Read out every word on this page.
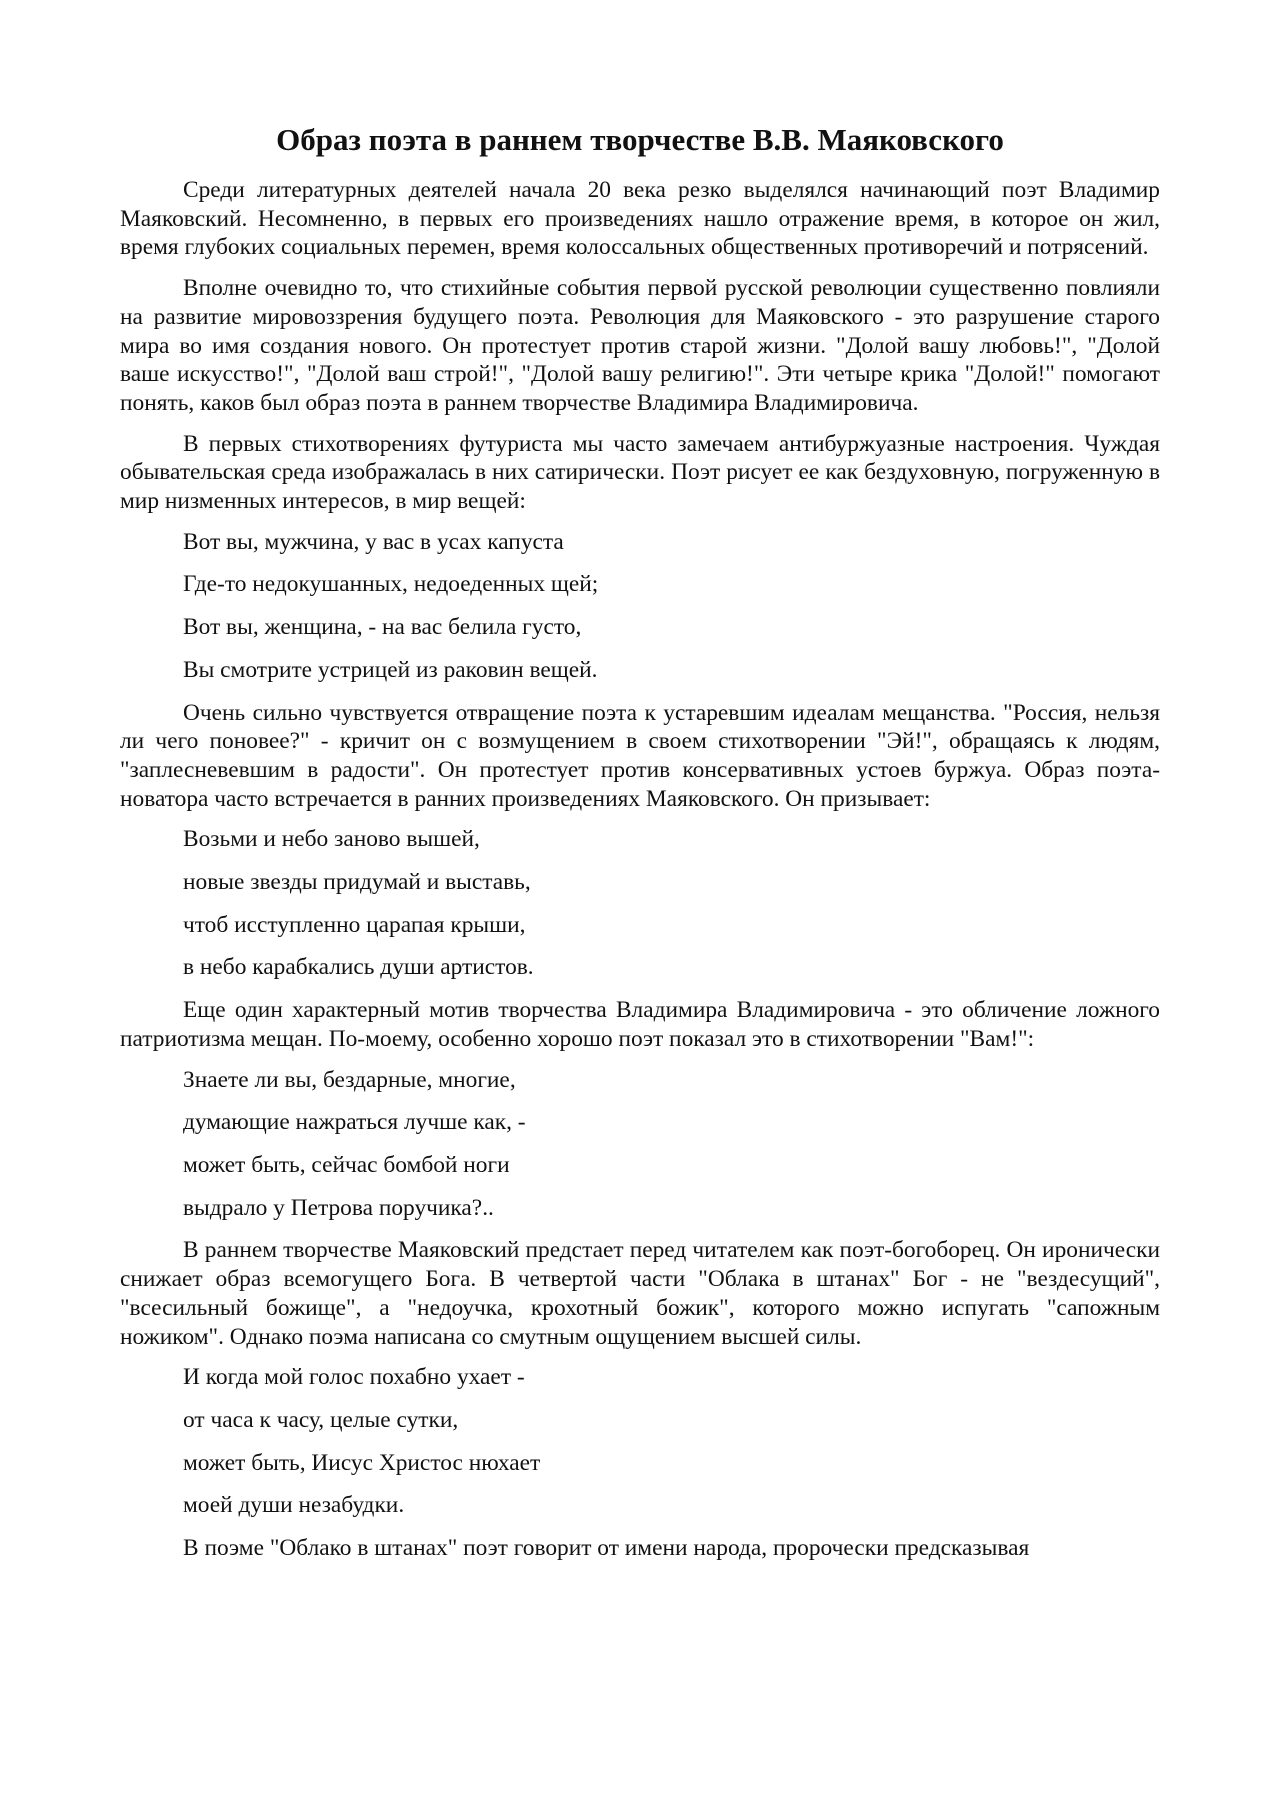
Образ поэта в раннем творчестве В.В. Маяковского

Среди литературных деятелей начала 20 века резко выделялся начинающий поэт Владимир Маяковский. Несомненно, в первых его произведениях нашло отражение время, в которое он жил, время глубоких социальных перемен, время колоссальных общественных противоречий и потрясений.

Вполне очевидно то, что стихийные события первой русской революции существенно повлияли на развитие мировоззрения будущего поэта. Революция для Маяковского - это разрушение старого мира во имя создания нового. Он протестует против старой жизни. "Долой вашу любовь!", "Долой ваше искусство!", "Долой ваш строй!", "Долой вашу религию!". Эти четыре крика "Долой!" помогают понять, каков был образ поэта в раннем творчестве Владимира Владимировича.

В первых стихотворениях футуриста мы часто замечаем антибуржуазные настроения. Чуждая обывательская среда изображалась в них сатирически. Поэт рисует ее как бездуховную, погруженную в мир низменных интересов, в мир вещей:

Вот вы, мужчина, у вас в усах капуста

Где-то недокушанных, недоеденных щей;

Вот вы, женщина, - на вас белила густо,

Вы смотрите устрицей из раковин вещей.

Очень сильно чувствуется отвращение поэта к устаревшим идеалам мещанства. "Россия, нельзя ли чего поновее?" - кричит он с возмущением в своем стихотворении "Эй!", обращаясь к людям, "заплесневевшим в радости". Он протестует против консервативных устоев буржуа. Образ поэта-новатора часто встречается в ранних произведениях Маяковского. Он призывает:

Возьми и небо заново вышей,

новые звезды придумай и выставь,

чтоб исступленно царапая крыши,

в небо карабкались души артистов.

Еще один характерный мотив творчества Владимира Владимировича - это обличение ложного патриотизма мещан. По-моему, особенно хорошо поэт показал это в стихотворении "Вам!":

Знаете ли вы, бездарные, многие,

думающие нажраться лучше как, -

может быть, сейчас бомбой ноги

выдрало у Петрова поручика?..

В раннем творчестве Маяковский предстает перед читателем как поэт-богоборец. Он иронически снижает образ всемогущего Бога. В четвертой части "Облака в штанах" Бог - не "вездесущий", "всесильный божище", а "недоучка, крохотный божик", которого можно испугать "сапожным ножиком". Однако поэма написана со смутным ощущением высшей силы.

И когда мой голос похабно ухает -

от часа к часу, целые сутки,

может быть, Иисус Христос нюхает

моей души незабудки.

В поэме "Облако в штанах" поэт говорит от имени народа, пророчески предсказывая
